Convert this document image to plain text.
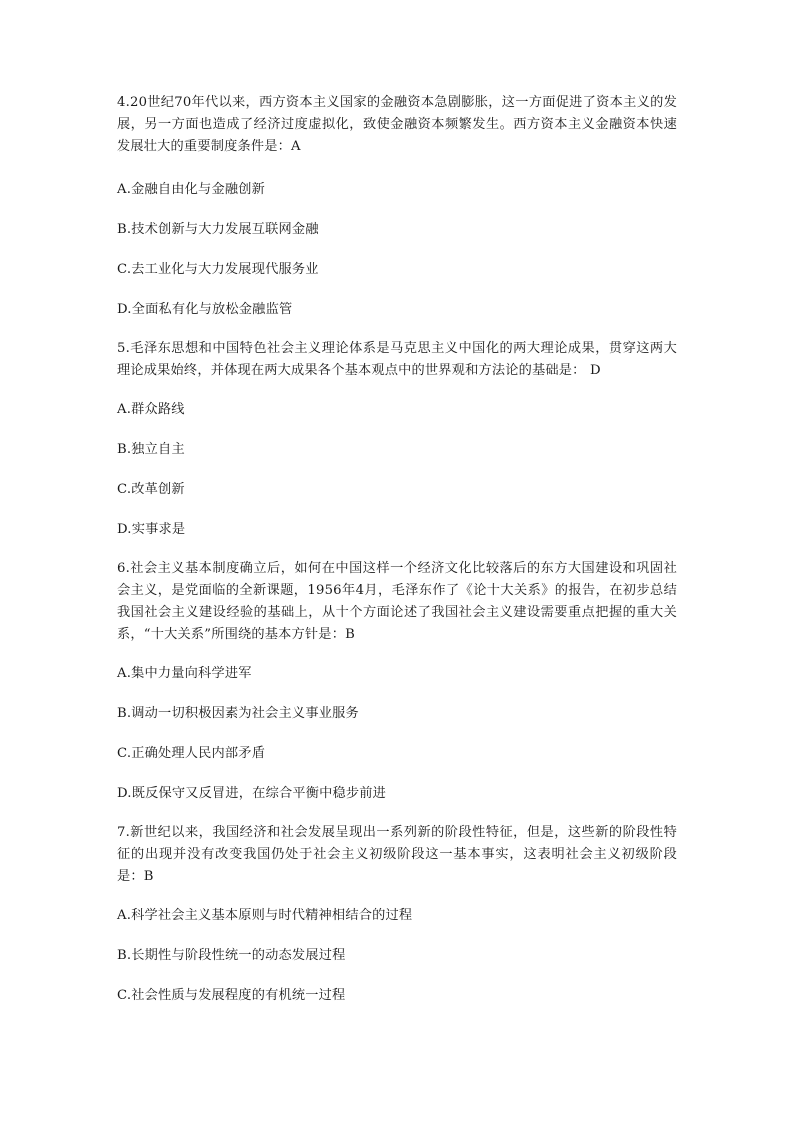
4.20世纪70年代以来，西方资本主义国家的金融资本急剧膨胀，这一方面促进了资本主义的发展，另一方面也造成了经济过度虚拟化，致使金融资本频繁发生。西方资本主义金融资本快速发展壮大的重要制度条件是：A
A.金融自由化与金融创新
B.技术创新与大力发展互联网金融
C.去工业化与大力发展现代服务业
D.全面私有化与放松金融监管
5.毛泽东思想和中国特色社会主义理论体系是马克思主义中国化的两大理论成果，贯穿这两大理论成果始终，并体现在两大成果各个基本观点中的世界观和方法论的基础是： D
A.群众路线
B.独立自主
C.改革创新
D.实事求是
6.社会主义基本制度确立后，如何在中国这样一个经济文化比较落后的东方大国建设和巩固社会主义，是党面临的全新课题，1956年4月，毛泽东作了《论十大关系》的报告，在初步总结我国社会主义建设经验的基础上，从十个方面论述了我国社会主义建设需要重点把握的重大关系，“十大关系”所围绕的基本方针是：B
A.集中力量向科学进军
B.调动一切积极因素为社会主义事业服务
C.正确处理人民内部矛盾
D.既反保守又反冒进，在综合平衡中稳步前进
7.新世纪以来，我国经济和社会发展呈现出一系列新的阶段性特征，但是，这些新的阶段性特征的出现并没有改变我国仍处于社会主义初级阶段这一基本事实，这表明社会主义初级阶段是：B
A.科学社会主义基本原则与时代精神相结合的过程
B.长期性与阶段性统一的动态发展过程
C.社会性质与发展程度的有机统一过程
